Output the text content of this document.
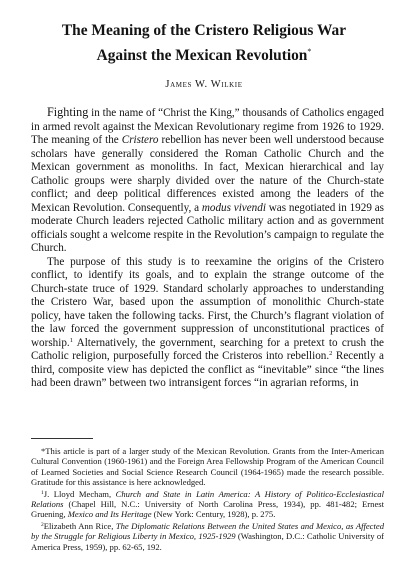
The Meaning of the Cristero Religious War
Against the Mexican Revolution*
James W. Wilkie

Fighting in the name of “Christ the King,” thousands of Catholics engaged in armed revolt against the Mexican Revolutionary regime from 1926 to 1929. The meaning of the Cristero rebellion has never been well understood because scholars have generally considered the Roman Catholic Church and the Mexican government as monoliths. In fact, Mexican hierarchical and lay Catholic groups were sharply divided over the nature of the Church-state conflict; and deep political differences existed among the leaders of the Mexican Revolution. Consequently, a modus vivendi was negotiated in 1929 as moderate Church leaders rejected Catholic military action and as government officials sought a welcome respite in the Revolution’s campaign to regulate the Church.

The purpose of this study is to reexamine the origins of the Cristero conflict, to identify its goals, and to explain the strange outcome of the Church-state truce of 1929. Standard scholarly approaches to understanding the Cristero War, based upon the assumption of monolithic Church-state policy, have taken the following tacks. First, the Church’s flagrant violation of the law forced the government suppression of unconstitutional practices of worship.$^1$ Alternatively, the government, searching for a pretext to crush the Catholic religion, purposefully forced the Cristeros into rebellion.$^2$ Recently a third, composite view has depicted the conflict as “inevitable” since “the lines had been drawn” between two intransigent forces “in agrarian reforms, in

*This article is part of a larger study of the Mexican Revolution. Grants from the Inter-American Cultural Convention (1960-1961) and the Foreign Area Fellowship Program of the American Council of Learned Societies and Social Science Research Council (1964-1965) made the research possible. Gratitude for this assistance is here acknowledged.

$^1$J. Lloyd Mecham, Church and State in Latin America: A History of Politico-Ecclesiastical Relations (Chapel Hill, N.C.: University of North Carolina Press, 1934), pp. 481-482; Ernest Gruening, Mexico and Its Heritage (New York: Century, 1928), p. 275.

$^2$Elizabeth Ann Rice, The Diplomatic Relations Between the United States and Mexico, as Affected by the Struggle for Religious Liberty in Mexico, 1925-1929 (Washington, D.C.: Catholic University of America Press, 1959), pp. 62-65, 192.
